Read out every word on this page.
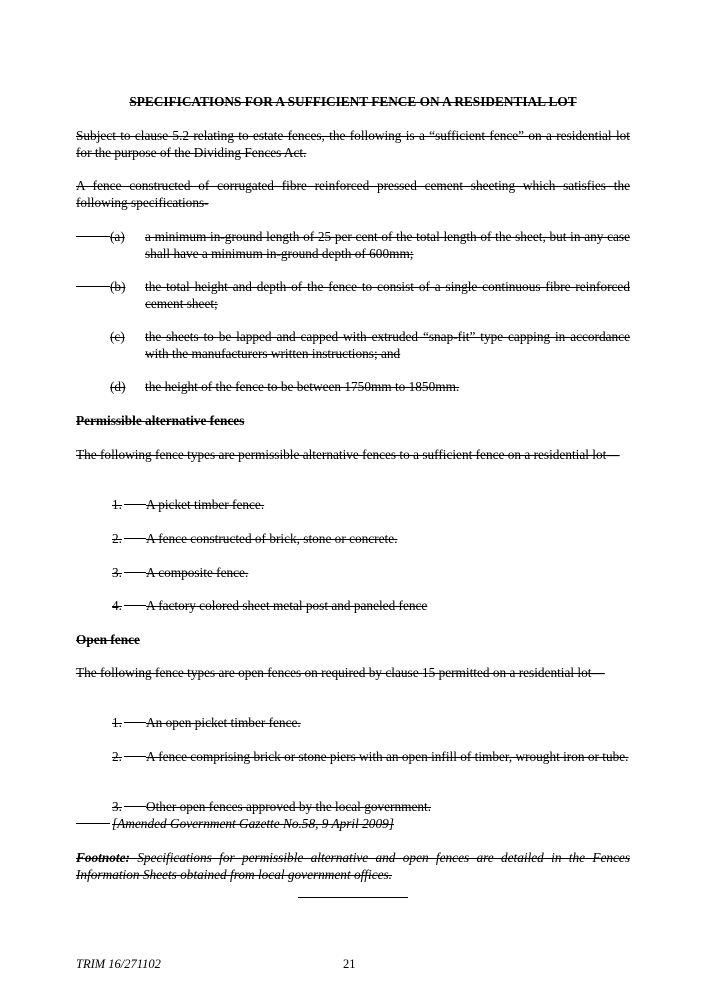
SPECIFICATIONS FOR A SUFFICIENT FENCE ON A RESIDENTIAL LOT

Subject to clause 5.2 relating to estate fences, the following is a “sufficient fence” on a residential lot for the purpose of the Dividing Fences Act.

A fence constructed of corrugated fibre reinforced pressed cement sheeting which satisfies the following specifications-

(a) a minimum in-ground length of 25 per cent of the total length of the sheet, but in any case shall have a minimum in-ground depth of 600mm;
(b) the total height and depth of the fence to consist of a single continuous fibre reinforced cement sheet;
(c) the sheets to be lapped and capped with extruded “snap-fit” type capping in accordance with the manufacturers written instructions; and
(d) the height of the fence to be between 1750mm to 1850mm.
Permissible alternative fences

The following fence types are permissible alternative fences to a sufficient fence on a residential lot—

1. A picket timber fence.
2. A fence constructed of brick, stone or concrete.
3. A composite fence.
4. A factory colored sheet metal post and paneled fence
Open fence

The following fence types are open fences on required by clause 15 permitted on a residential lot—

1. An open picket timber fence.
2. A fence comprising brick or stone piers with an open infill of timber, wrought iron or tube.
3. Other open fences approved by the local government.
[Amended Government Gazette No.58, 9 April 2009]

Footnote: Specifications for permissible alternative and open fences are detailed in the Fences Information Sheets obtained from local government offices.

TRIM 16/271102	21
